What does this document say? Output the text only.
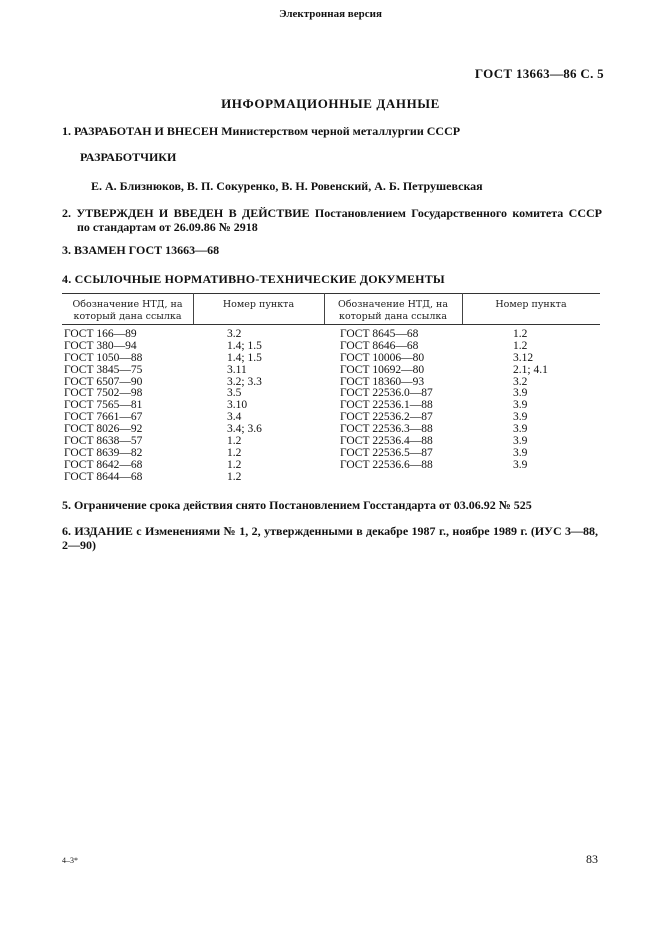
Электронная версия
ГОСТ 13663—86 С. 5
ИНФОРМАЦИОННЫЕ ДАННЫЕ
1. РАЗРАБОТАН И ВНЕСЕН Министерством черной металлургии СССР
РАЗРАБОТЧИКИ
Е. А. Близнюков, В. П. Сокуренко, В. Н. Ровенский, А. Б. Петрушевская
2. УТВЕРЖДЕН И ВВЕДЕН В ДЕЙСТВИЕ Постановлением Государственного комитета СССР
по стандартам от 26.09.86 № 2918
3. ВЗАМЕН ГОСТ 13663—68
4. ССЫЛОЧНЫЕ НОРМАТИВНО-ТЕХНИЧЕСКИЕ ДОКУМЕНТЫ
Обозначение НТД, на
который дана ссылка
Номер пункта	Обозначение НТД, на
который дана ссылка
Номер пункта
ГОСТ 166—89
ГОСТ 380—94
ГОСТ 1050—88
ГОСТ 3845—75
ГОСТ 6507—90
ГОСТ 7502—98
ГОСТ 7565—81
ГОСТ 7661—67
ГОСТ 8026—92
ГОСТ 8638—57
ГОСТ 8639—82
ГОСТ 8642—68
ГОСТ 8644—68
3.2
1.4; 1.5
1.4; 1.5
3.11
3.2; 3.3
3.5
3.10
3.4
3.4; 3.6
1.2
1.2
1.2
1.2
ГОСТ 8645—68
ГОСТ 8646—68
ГОСТ 10006—80
ГОСТ 10692—80
ГОСТ 18360—93
ГОСТ 22536.0—87
ГОСТ 22536.1—88
ГОСТ 22536.2—87
ГОСТ 22536.3—88
ГОСТ 22536.4—88
ГОСТ 22536.5—87
ГОСТ 22536.6—88
1.2
1.2
3.12
2.1; 4.1
3.2
3.9
3.9
3.9
3.9
3.9
3.9
3.9
5. Ограничение срока действия снято Постановлением Госстандарта от 03.06.92 № 525
6. ИЗДАНИЕ с Изменениями № 1, 2, утвержденными в декабре 1987 г., ноябре 1989 г. (ИУС 3—88,
2—90)
4–3*	83
